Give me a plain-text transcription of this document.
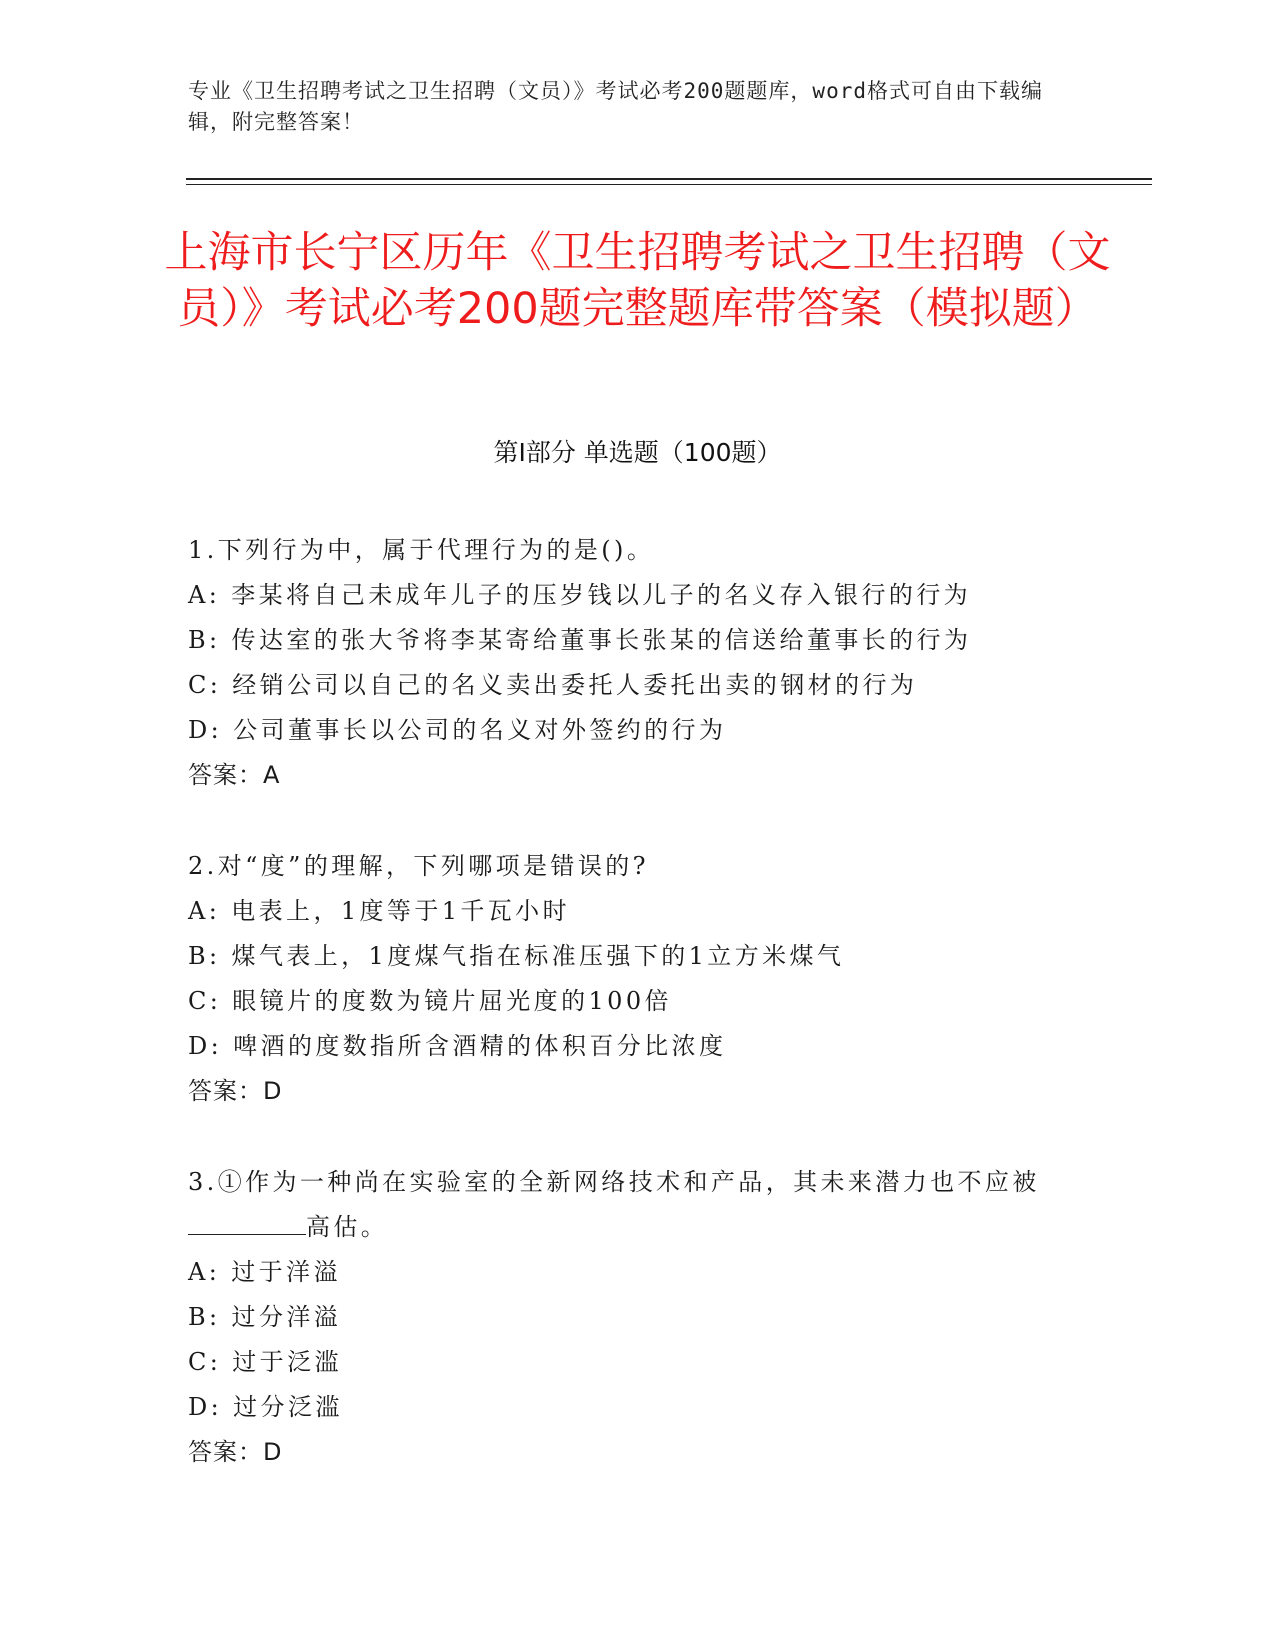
专业《卫生招聘考试之卫生招聘（文员）》考试必考200题题库，word格式可自由下载编辑，附完整答案！
上海市长宁区历年《卫生招聘考试之卫生招聘（文员）》考试必考200题完整题库带答案（模拟题）
第I部分 单选题（100题）
1.下列行为中，属于代理行为的是()。
A: 李某将自己未成年儿子的压岁钱以儿子的名义存入银行的行为
B: 传达室的张大爷将李某寄给董事长张某的信送给董事长的行为
C: 经销公司以自己的名义卖出委托人委托出卖的钢材的行为
D: 公司董事长以公司的名义对外签约的行为
答案：A
2.对“度”的理解，下列哪项是错误的?
A: 电表上，1度等于1千瓦小时
B: 煤气表上，1度煤气指在标准压强下的1立方米煤气
C: 眼镜片的度数为镜片屈光度的100倍
D: 啤酒的度数指所含酒精的体积百分比浓度
答案：D
3.①作为一种尚在实验室的全新网络技术和产品，其未来潜力也不应被高估。
A: 过于洋溢
B: 过分洋溢
C: 过于泛滥
D: 过分泛滥
答案：D
